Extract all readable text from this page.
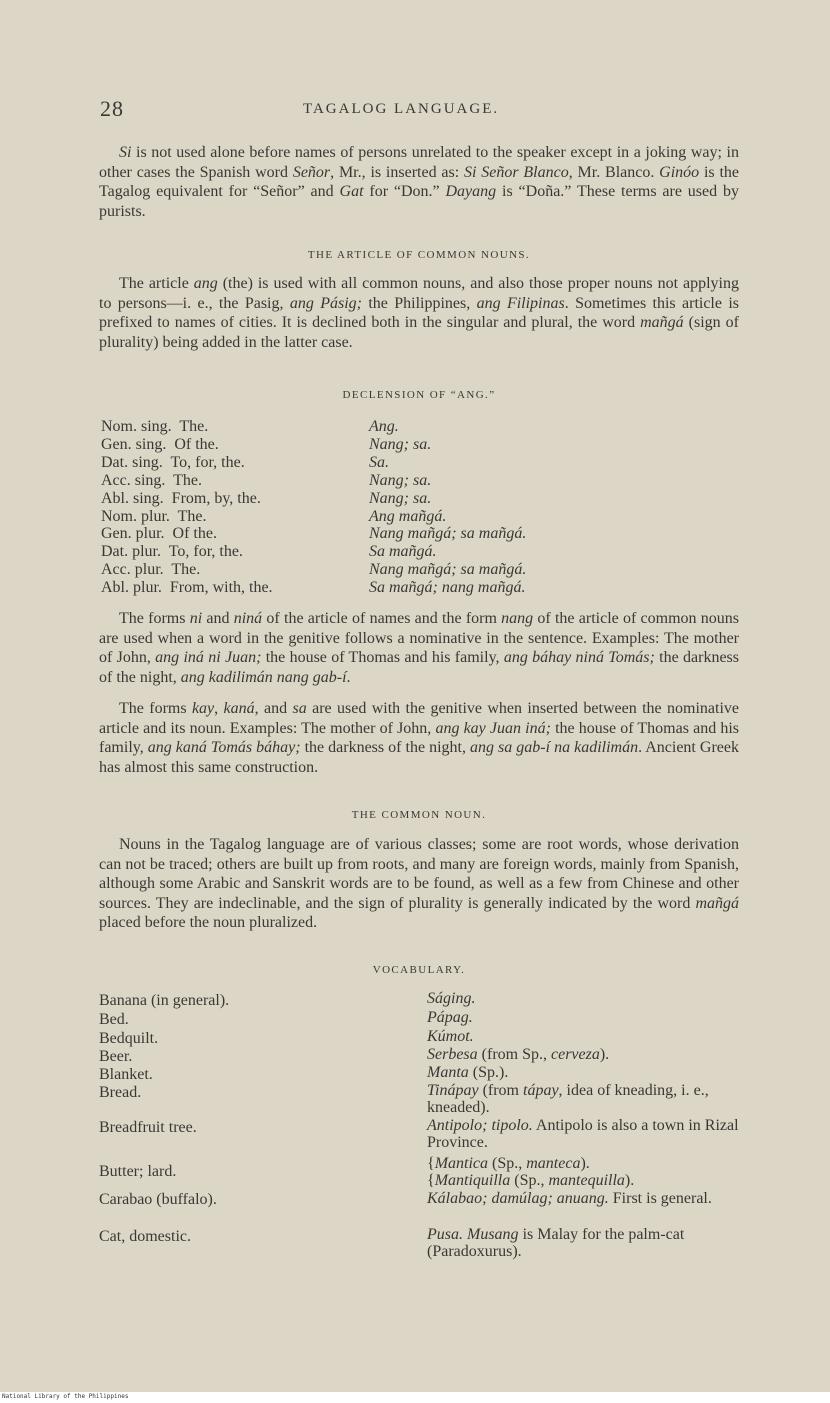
28	TAGALOG LANGUAGE.

Si is not used alone before names of persons unrelated to the speaker except in a joking way; in other cases the Spanish word Señor, Mr., is inserted as: Si Señor Blanco, Mr. Blanco. Ginóo is the Tagalog equivalent for “Señor” and Gat for “Don.” Dayang is “Doña.” These terms are used by purists.

THE ARTICLE OF COMMON NOUNS.

The article ang (the) is used with all common nouns, and also those proper nouns not applying to persons—i. e., the Pasig, ang Pásig; the Philippines, ang Filipinas. Sometimes this article is prefixed to names of cities. It is declined both in the singular and plural, the word mañgá (sign of plurality) being added in the latter case.

DECLENSION OF “ANG.”
Nom. sing.  The.	Ang.
Gen. sing.  Of the.	Nang; sa.
Dat. sing.  To, for, the.	Sa.
Acc. sing.  The.	Nang; sa.
Abl. sing.  From, by, the.	Nang; sa.
Nom. plur.  The.	Ang mañgá.
Gen. plur.  Of the.	Nang mañgá; sa mañgá.
Dat. plur.  To, for, the.	Sa mañgá.
Acc. plur.  The.	Nang mañgá; sa mañgá.
Abl. plur.  From, with, the.	Sa mañgá; nang mañgá.

The forms ni and niná of the article of names and the form nang of the article of common nouns are used when a word in the genitive follows a nominative in the sentence. Examples: The mother of John, ang iná ni Juan; the house of Thomas and his family, ang báhay niná Tomás; the darkness of the night, ang kadilimán nang gab-í.

The forms kay, kaná, and sa are used with the genitive when inserted between the nominative article and its noun. Examples: The mother of John, ang kay Juan iná; the house of Thomas and his family, ang kaná Tomás báhay; the darkness of the night, ang sa gab-í na kadilimán. Ancient Greek has almost this same construction.

THE COMMON NOUN.

Nouns in the Tagalog language are of various classes; some are root words, whose derivation can not be traced; others are built up from roots, and many are foreign words, mainly from Spanish, although some Arabic and Sanskrit words are to be found, as well as a few from Chinese and other sources. They are indeclinable, and the sign of plurality is generally indicated by the word mañgá placed before the noun pluralized.

VOCABULARY.
Banana (in general).	Ságing.
Bed.	Pápag.
Bedquilt.	Kúmot.
Beer.	Serbesa (from Sp., cerveza).
Blanket.	Manta (Sp.).
Bread.	Tinápay (from tápay, idea of kneading, i. e., kneaded).
Breadfruit tree.	Antipolo; tipolo. Antipolo is also a town in Rizal Province.
Butter; lard.	{Mantica (Sp., manteca).
{Mantiquilla (Sp., mantequilla).
Carabao (buffalo).	Kálabao; damúlag; anuang. First is general.
Cat, domestic.	Pusa. Musang is Malay for the palm-cat (Paradoxurus).
National Library of the Philippines
